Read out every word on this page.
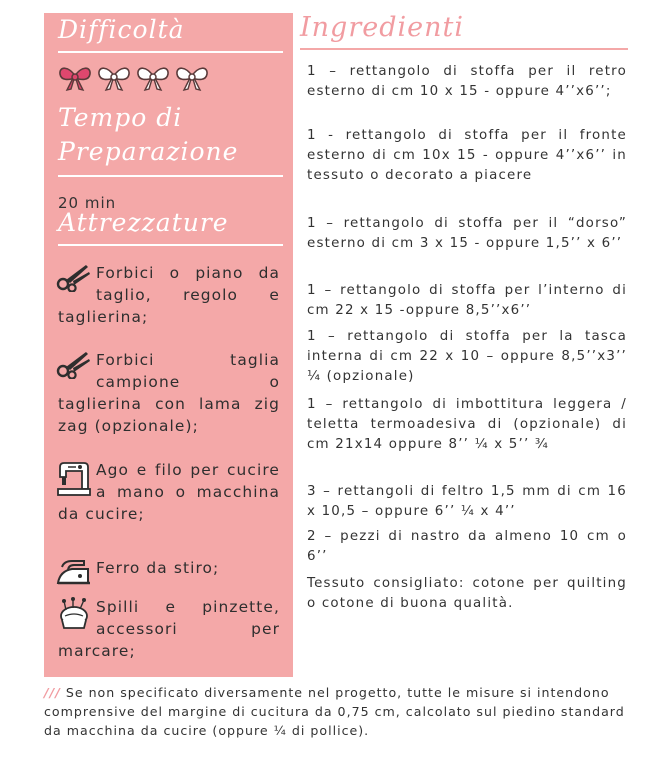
Difficoltà
Tempo di
Preparazione
20 min
Attrezzature
Forbici o piano da taglio, regolo e taglierina;
Forbici taglia campione o taglierina con lama zig zag (opzionale);
Ago e filo per cucire a mano o macchina da cucire;
Ferro da stiro;
Spilli e pinzette, accessori per marcare;
Ingredienti

1 – rettangolo di stoffa per il retro esterno di cm 10 x 15 - oppure 4’’x6’’;

1 - rettangolo di stoffa per il fronte esterno di cm 10x 15 - oppure 4’’x6’’ in tessuto o decorato a piacere

1 – rettangolo di stoffa per il “dorso” esterno di cm 3 x 15 - oppure 1,5’’ x 6’’

1 – rettangolo di stoffa per l’interno di cm 22 x 15 -oppure 8,5’’x6’’

1 – rettangolo di stoffa per la tasca interna di cm 22 x 10 – oppure 8,5’’x3’’ ¼ (opzionale)

1 – rettangolo di imbottitura leggera / teletta termoadesiva di (opzionale) di cm 21x14 oppure 8’’ ¼ x 5’’ ¾

3 – rettangoli di feltro 1,5 mm di cm 16 x 10,5 – oppure 6’’ ¼ x 4’’

2 – pezzi di nastro da almeno 10 cm o 6’’

Tessuto consigliato: cotone per quilting o cotone di buona qualità.

/// Se non specificato diversamente nel progetto, tutte le misure si intendono comprensive del margine di cucitura da 0,75 cm, calcolato sul piedino standard da macchina da cucire (oppure ¼ di pollice).
